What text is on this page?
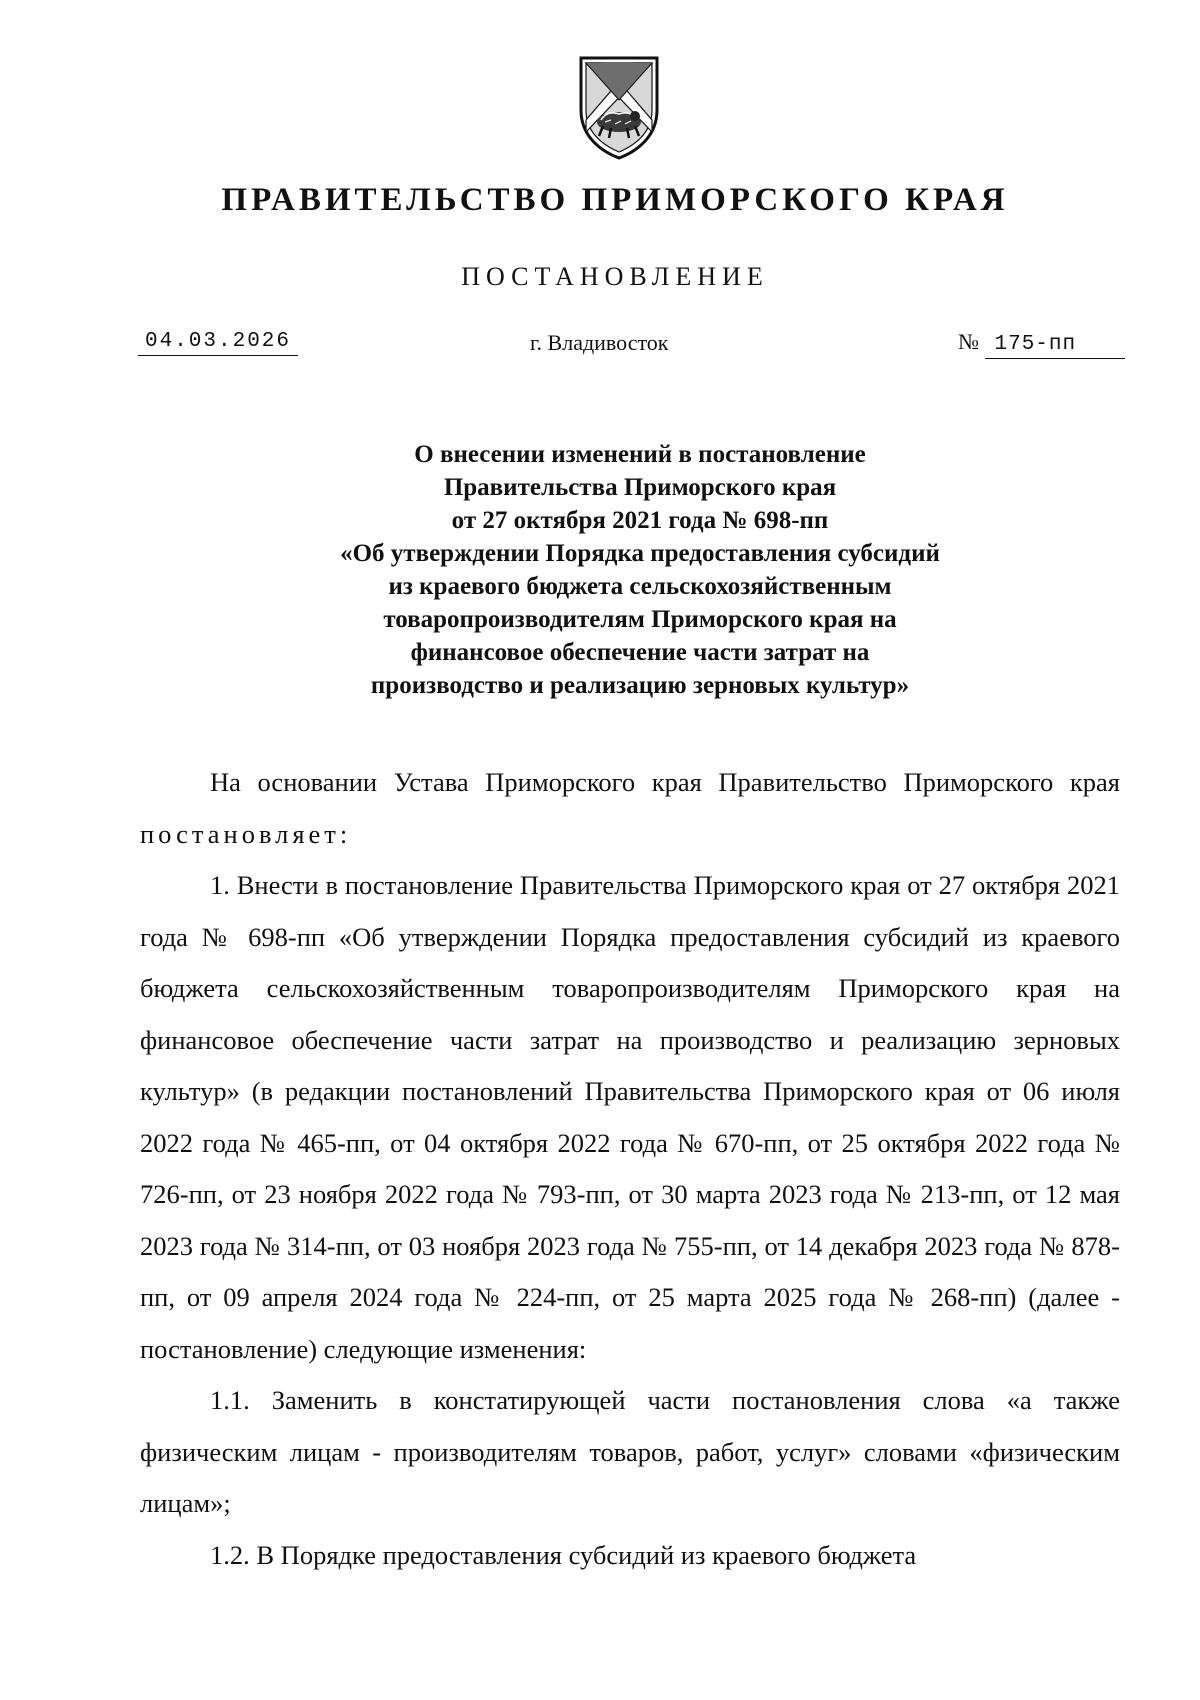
ПРАВИТЕЛЬСТВО ПРИМОРСКОГО КРАЯ
ПОСТАНОВЛЕНИЕ
04.03.2026	г. Владивосток	№ 175-пп
О внесении изменений в постановление
Правительства Приморского края
от 27 октября 2021 года № 698-пп
«Об утверждении Порядка предоставления субсидий
из краевого бюджета сельскохозяйственным
товаропроизводителям Приморского края на
финансовое обеспечение части затрат на
производство и реализацию зерновых культур»

На основании Устава Приморского края Правительство Приморского края постановляет:

1. Внести в постановление Правительства Приморского края от 27 октября 2021 года № 698-пп «Об утверждении Порядка предоставления субсидий из краевого бюджета сельскохозяйственным товаропроизводителям Приморского края на финансовое обеспечение части затрат на производство и реализацию зерновых культур» (в редакции постановлений Правительства Приморского края от 06 июля 2022 года № 465-пп, от 04 октября 2022 года № 670-пп, от 25 октября 2022 года № 726-пп, от 23 ноября 2022 года № 793-пп, от 30 марта 2023 года № 213-пп, от 12 мая 2023 года № 314-пп, от 03 ноября 2023 года № 755-пп, от 14 декабря 2023 года № 878-пп, от 09 апреля 2024 года № 224-пп, от 25 марта 2025 года № 268-пп) (далее - постановление) следующие изменения:

1.1. Заменить в констатирующей части постановления слова «а также физическим лицам - производителям товаров, работ, услуг» словами «физическим лицам»;

1.2. В Порядке предоставления субсидий из краевого бюджета
